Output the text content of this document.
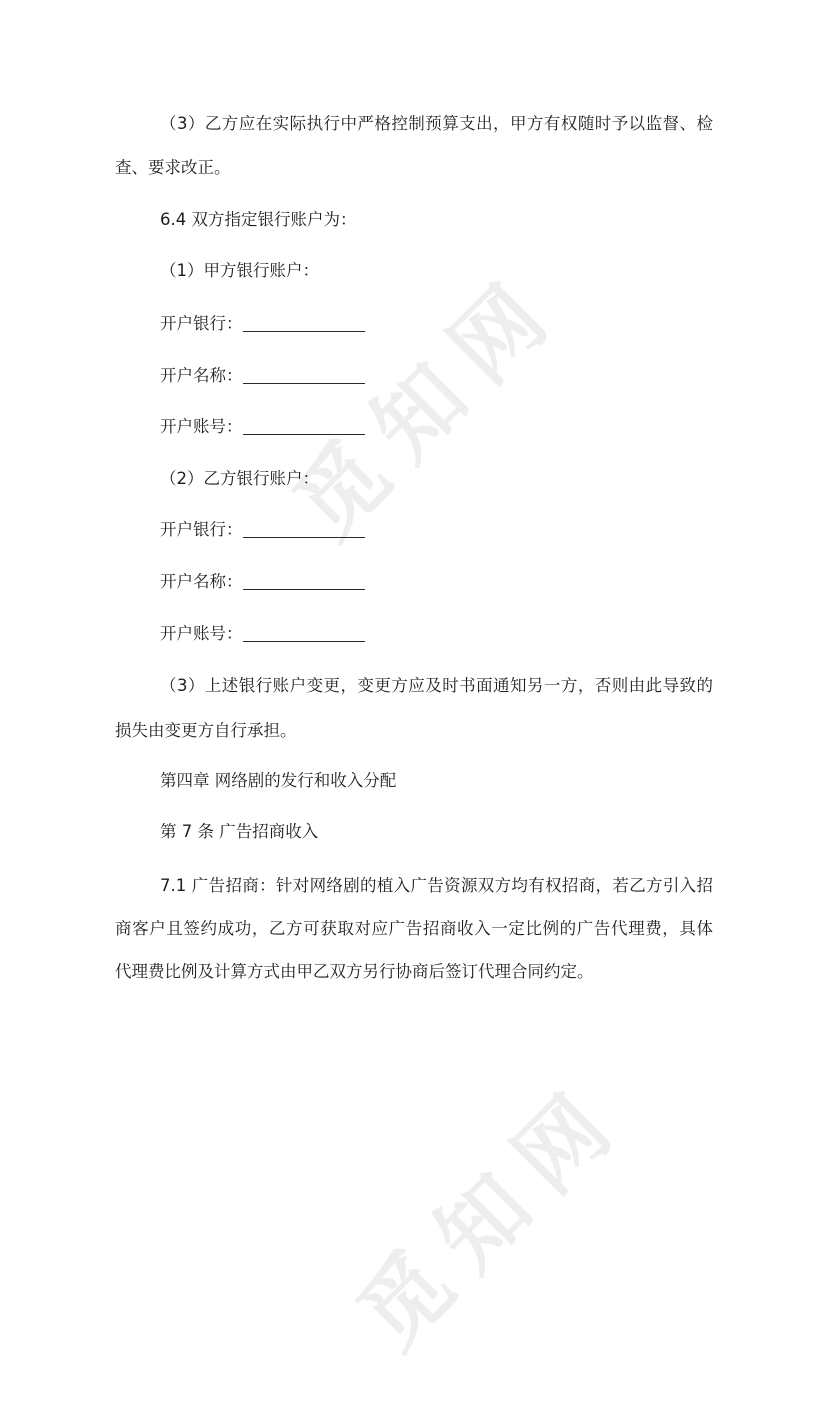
觅知网
觅知网
（3）乙方应在实际执行中严格控制预算支出，甲方有权随时予以监督、检
查、要求改正。
6.4 双方指定银行账户为：
（1）甲方银行账户：
开户银行：
开户名称：
开户账号：
（2）乙方银行账户：
开户银行：
开户名称：
开户账号：
（3）上述银行账户变更，变更方应及时书面通知另一方，否则由此导致的
损失由变更方自行承担。
第四章 网络剧的发行和收入分配
第 7 条 广告招商收入
7.1 广告招商：针对网络剧的植入广告资源双方均有权招商，若乙方引入招
商客户且签约成功，乙方可获取对应广告招商收入一定比例的广告代理费，具体
代理费比例及计算方式由甲乙双方另行协商后签订代理合同约定。
